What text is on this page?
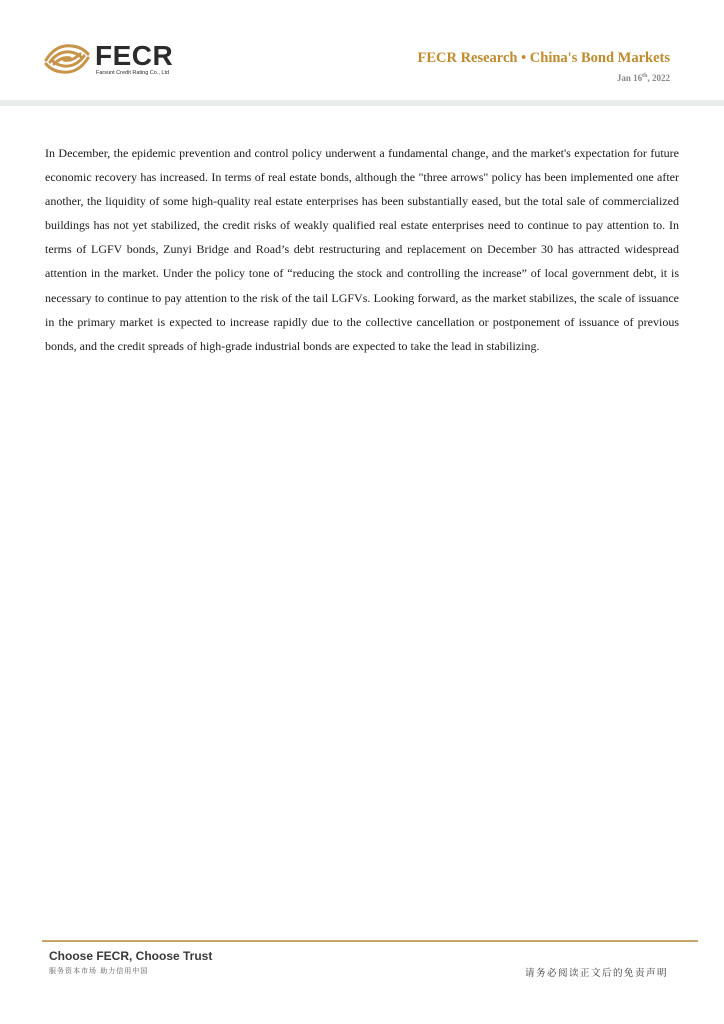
FECR
Farsunt Credit Rating Co., Ltd
FECR Research • China's Bond Markets
Jan 16th, 2022

In December, the epidemic prevention and control policy underwent a fundamental change, and the market's expectation for future economic recovery has increased. In terms of real estate bonds, although the "three arrows" policy has been implemented one after another, the liquidity of some high-quality real estate enterprises has been substantially eased, but the total sale of commercialized buildings has not yet stabilized, the credit risks of weakly qualified real estate enterprises need to continue to pay attention to. In terms of LGFV bonds, Zunyi Bridge and Road’s debt restructuring and replacement on December 30 has attracted widespread attention in the market. Under the policy tone of “reducing the stock and controlling the increase” of local government debt, it is necessary to continue to pay attention to the risk of the tail LGFVs. Looking forward, as the market stabilizes, the scale of issuance in the primary market is expected to increase rapidly due to the collective cancellation or postponement of issuance of previous bonds, and the credit spreads of high-grade industrial bonds are expected to take the lead in stabilizing.

Choose FECR, Choose Trust
服务资本市场 助力信用中国	请务必阅读正文后的免责声明
